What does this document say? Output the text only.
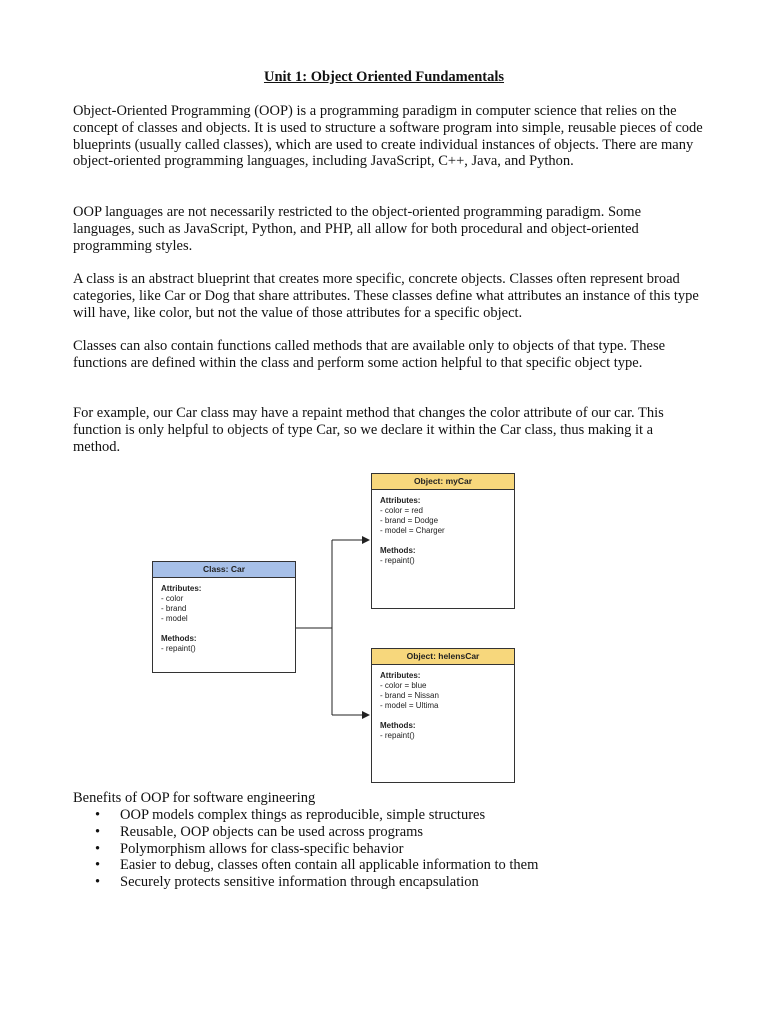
Unit 1: Object Oriented Fundamentals

Object-Oriented Programming (OOP) is a programming paradigm in computer science that relies on the concept of classes and objects. It is used to structure a software program into simple, reusable pieces of code blueprints (usually called classes), which are used to create individual instances of objects. There are many object-oriented programming languages, including JavaScript, C++, Java, and Python.

OOP languages are not necessarily restricted to the object-oriented programming paradigm. Some languages, such as JavaScript, Python, and PHP, all allow for both procedural and object-oriented programming styles.

A class is an abstract blueprint that creates more specific, concrete objects. Classes often represent broad categories, like Car or Dog that share attributes. These classes define what attributes an instance of this type will have, like color, but not the value of those attributes for a specific object.

Classes can also contain functions called methods that are available only to objects of that type. These functions are defined within the class and perform some action helpful to that specific object type.

For example, our Car class may have a repaint method that changes the color attribute of our car. This function is only helpful to objects of type Car, so we declare it within the Car class, thus making it a method.

Class: Car
Attributes:
- color
- brand
- model
Methods:
- repaint()
Object: myCar
Attributes:
- color = red
- brand = Dodge
- model = Charger
Methods:
- repaint()
Object: helensCar
Attributes:
- color = blue
- brand = Nissan
- model = Ultima
Methods:
- repaint()
Benefits of OOP for software engineering
• OOP models complex things as reproducible, simple structures
• Reusable, OOP objects can be used across programs
• Polymorphism allows for class-specific behavior
• Easier to debug, classes often contain all applicable information to them
• Securely protects sensitive information through encapsulation
